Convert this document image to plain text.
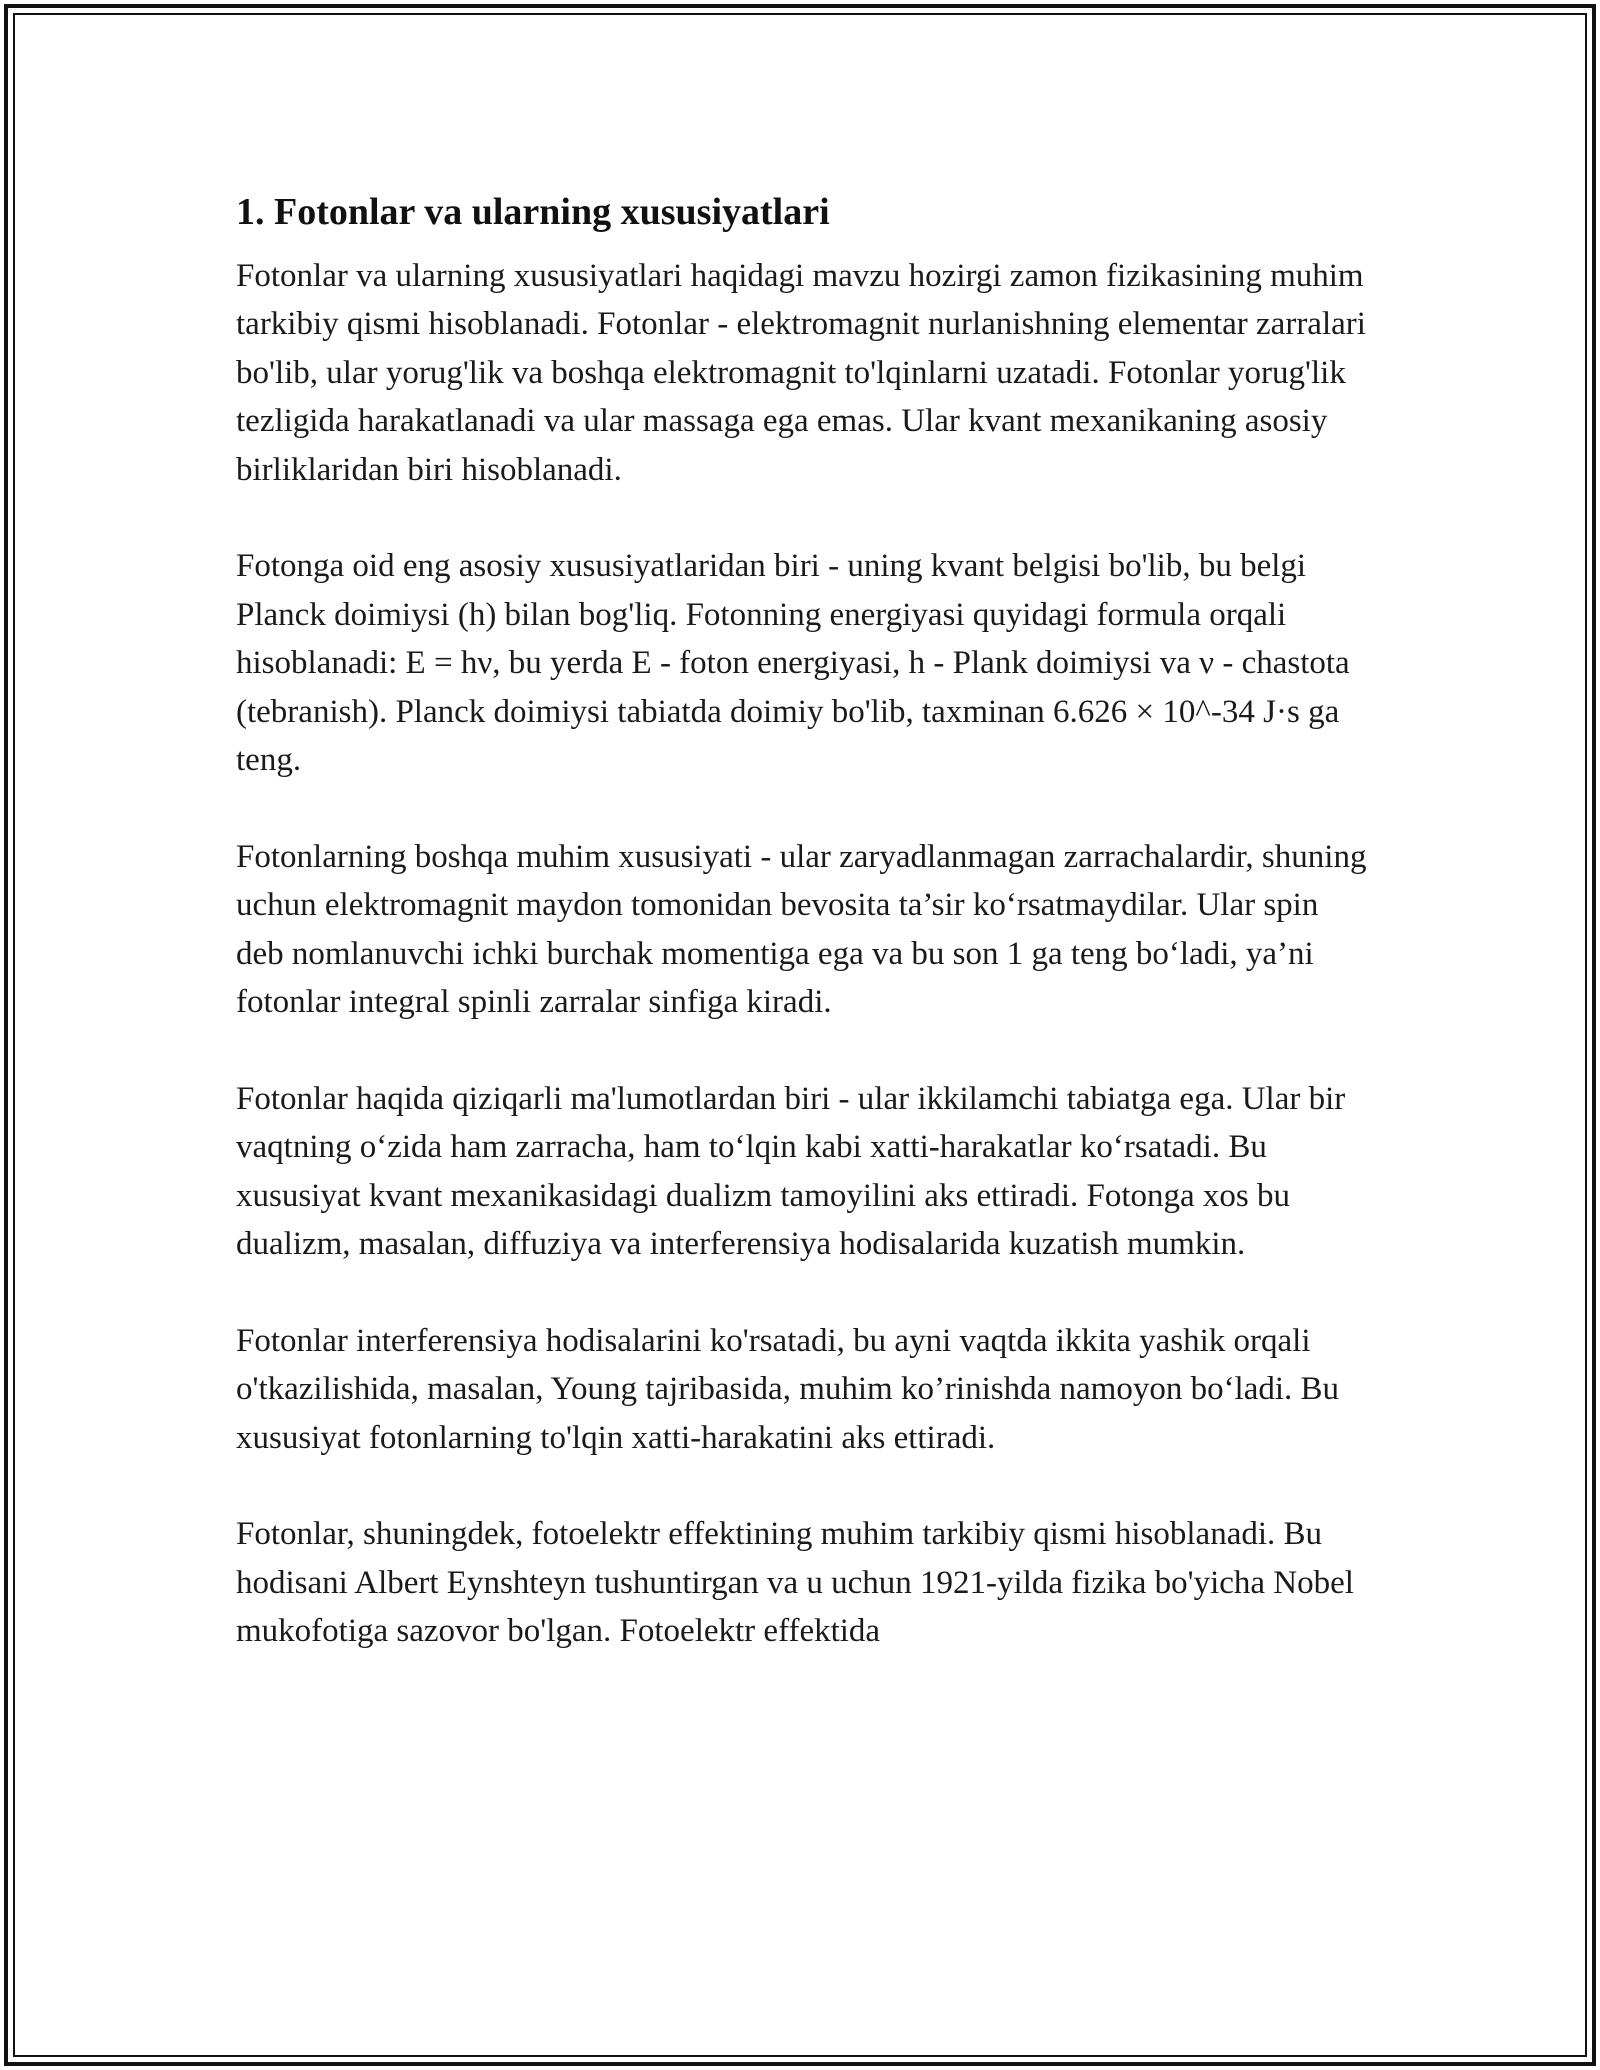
1. Fotonlar va ularning xususiyatlari

Fotonlar va ularning xususiyatlari haqidagi mavzu hozirgi zamon fizikasining muhim tarkibiy qismi hisoblanadi. Fotonlar - elektromagnit nurlanishning elementar zarralari bo'lib, ular yorug'lik va boshqa elektromagnit to'lqinlarni uzatadi. Fotonlar yorug'lik tezligida harakatlanadi va ular massaga ega emas. Ular kvant mexanikaning asosiy birliklaridan biri hisoblanadi.

Fotonga oid eng asosiy xususiyatlaridan biri - uning kvant belgisi bo'lib, bu belgi Planck doimiysi (h) bilan bog'liq. Fotonning energiyasi quyidagi formula orqali hisoblanadi: E = hν, bu yerda E - foton energiyasi, h - Plank doimiysi va ν - chastota (tebranish). Planck doimiysi tabiatda doimiy bo'lib, taxminan 6.626 × 10^-34 J·s ga teng.

Fotonlarning boshqa muhim xususiyati - ular zaryadlanmagan zarrachalardir, shuning uchun elektromagnit maydon tomonidan bevosita ta’sir ko‘rsatmaydilar. Ular spin deb nomlanuvchi ichki burchak momentiga ega va bu son 1 ga teng bo‘ladi, ya’ni fotonlar integral spinli zarralar sinfiga kiradi.

Fotonlar haqida qiziqarli ma'lumotlardan biri - ular ikkilamchi tabiatga ega. Ular bir vaqtning o‘zida ham zarracha, ham to‘lqin kabi xatti-harakatlar ko‘rsatadi. Bu xususiyat kvant mexanikasidagi dualizm tamoyilini aks ettiradi. Fotonga xos bu dualizm, masalan, diffuziya va interferensiya hodisalarida kuzatish mumkin.

Fotonlar interferensiya hodisalarini ko'rsatadi, bu ayni vaqtda ikkita yashik orqali o'tkazilishida, masalan, Young tajribasida, muhim ko’rinishda namoyon bo‘ladi. Bu xususiyat fotonlarning to'lqin xatti-harakatini aks ettiradi.

Fotonlar, shuningdek, fotoelektr effektining muhim tarkibiy qismi hisoblanadi. Bu hodisani Albert Eynshteyn tushuntirgan va u uchun 1921-yilda fizika bo'yicha Nobel mukofotiga sazovor bo'lgan. Fotoelektr effektida
